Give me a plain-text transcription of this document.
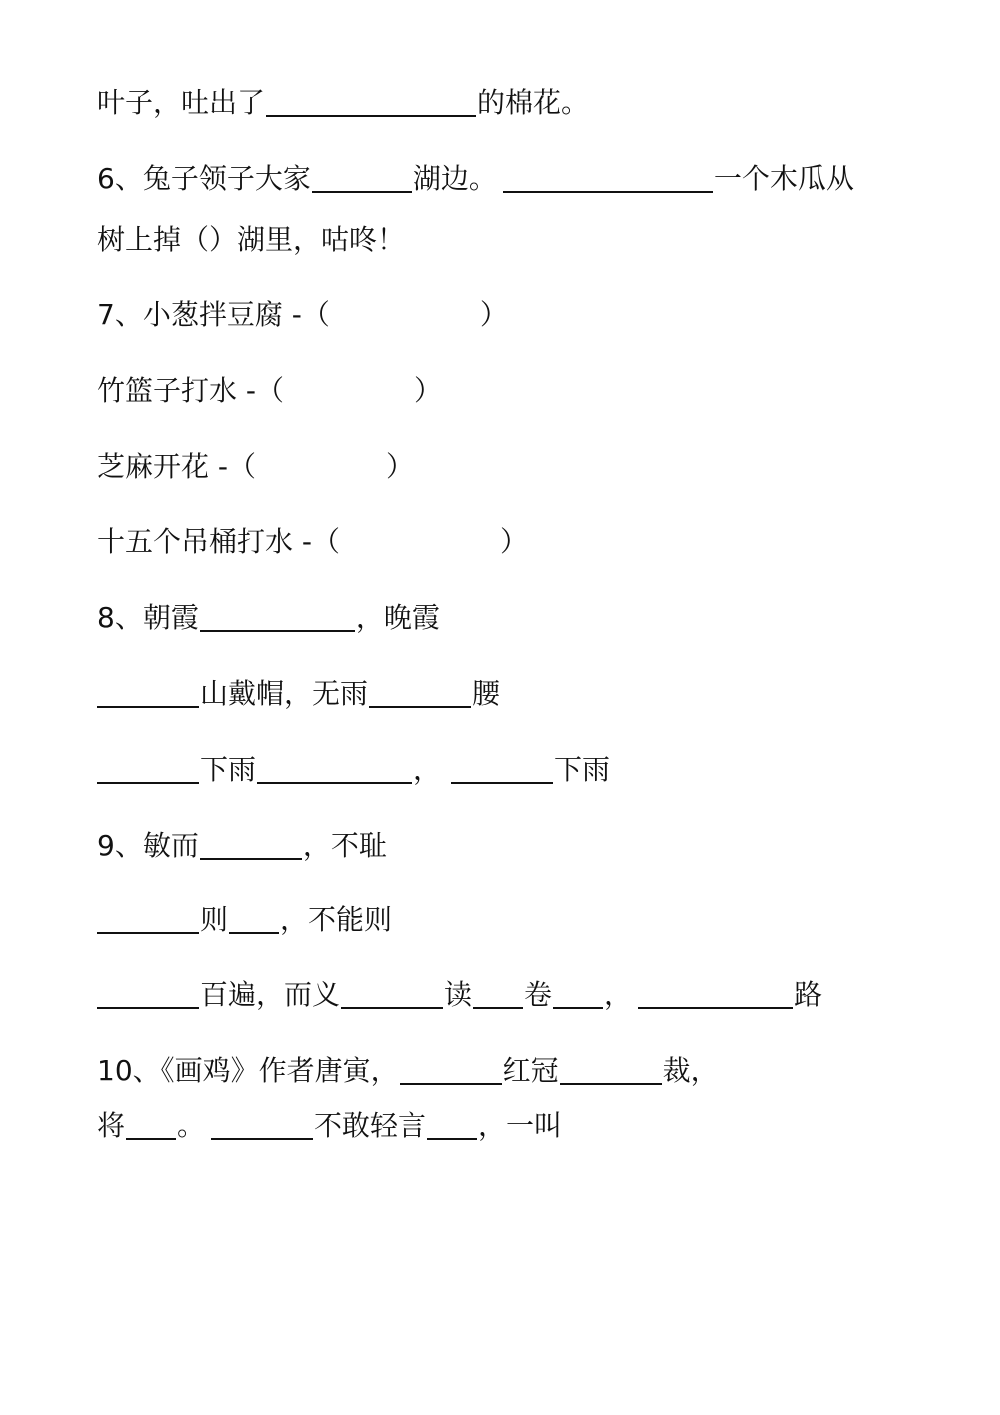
叶子，吐出了	的棉花。
6、兔子领子大家	湖边。	一个木瓜从
树上掉（）湖里，咕咚！
7、小葱拌豆腐 -（	）
竹篮子打水 -（	）
芝麻开花 -（	）
十五个吊桶打水 -（	）
8、朝霞	，晚霞
山戴帽，无雨	腰
下雨	，	下雨
9、敏而	，不耻
则 ，不能则
百遍，而义	读 卷 ，	路
10、《画鸡》作者唐寅，	红冠	裁，
将 。	不敢轻言 ，一叫
